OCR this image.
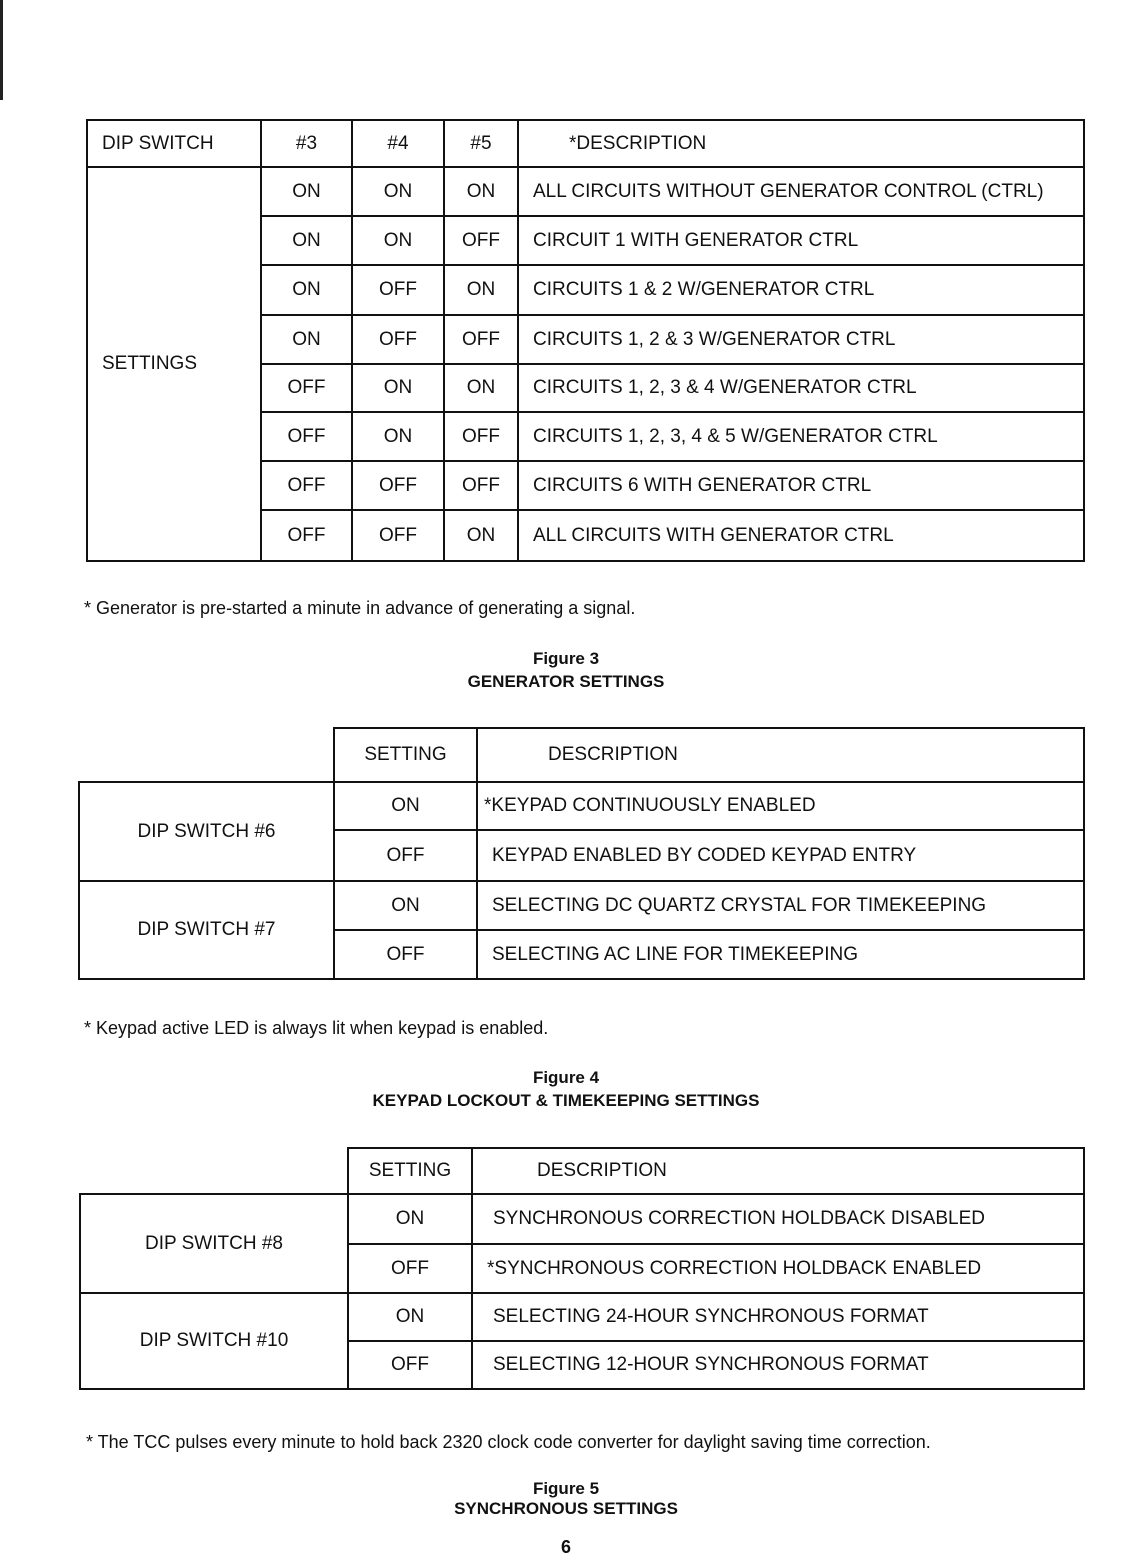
DIP SWITCH	#3	#4	#5	*DESCRIPTION
SETTINGS	ON	ON	ON	ALL CIRCUITS WITHOUT GENERATOR CONTROL (CTRL)
	ON	ON	OFF	CIRCUIT 1 WITH GENERATOR CTRL
	ON	OFF	ON	CIRCUITS 1 & 2 W/GENERATOR CTRL
	ON	OFF	OFF	CIRCUITS 1, 2 & 3 W/GENERATOR CTRL
	OFF	ON	ON	CIRCUITS 1, 2, 3 & 4 W/GENERATOR CTRL
	OFF	ON	OFF	CIRCUITS 1, 2, 3, 4 & 5 W/GENERATOR CTRL
	OFF	OFF	OFF	CIRCUITS 6 WITH GENERATOR CTRL
	OFF	OFF	ON	ALL CIRCUITS WITH GENERATOR CTRL
* Generator is pre-started a minute in advance of generating a signal.
Figure 3
GENERATOR SETTINGS
	SETTING	DESCRIPTION
DIP SWITCH #6	ON	*KEYPAD CONTINUOUSLY ENABLED
	OFF	KEYPAD ENABLED BY CODED KEYPAD ENTRY
DIP SWITCH #7	ON	SELECTING DC QUARTZ CRYSTAL FOR TIMEKEEPING
	OFF	SELECTING AC LINE FOR TIMEKEEPING
* Keypad active LED is always lit when keypad is enabled.
Figure 4
KEYPAD LOCKOUT & TIMEKEEPING SETTINGS
	SETTING	DESCRIPTION
DIP SWITCH #8	ON	SYNCHRONOUS CORRECTION HOLDBACK DISABLED
	OFF	*SYNCHRONOUS CORRECTION HOLDBACK ENABLED
DIP SWITCH #10	ON	SELECTING 24-HOUR SYNCHRONOUS FORMAT
	OFF	SELECTING 12-HOUR SYNCHRONOUS FORMAT
* The TCC pulses every minute to hold back 2320 clock code converter for daylight saving time correction.
Figure 5
SYNCHRONOUS SETTINGS
6
